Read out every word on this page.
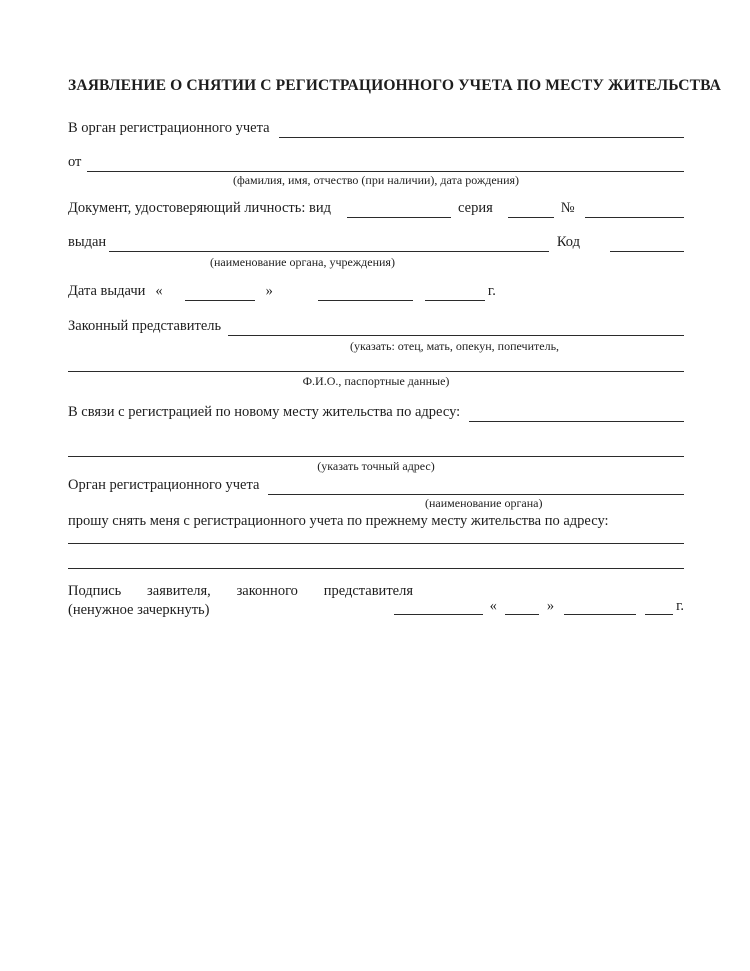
ЗАЯВЛЕНИЕ О СНЯТИИ С РЕГИСТРАЦИОННОГО УЧЕТА ПО МЕСТУ ЖИТЕЛЬСТВА
В орган регистрационного учета
от
(фамилия, имя, отчество (при наличии), дата рождения)
Документ, удостоверяющий личность: вид	серия	№
выдан	Код
(наименование органа, учреждения)
Дата выдачи «	»	г.
Законный представитель
(указать: отец, мать, опекун, попечитель,
Ф.И.О., паспортные данные)
В связи с регистрацией по новому месту жительства по адресу:
(указать точный адрес)
Орган регистрационного учета
(наименование органа)
прошу снять меня с регистрационного учета по прежнему месту жительства по адресу:
Подпись заявителя, законного представителя
(ненужное зачеркнуть)	«	»	г.
